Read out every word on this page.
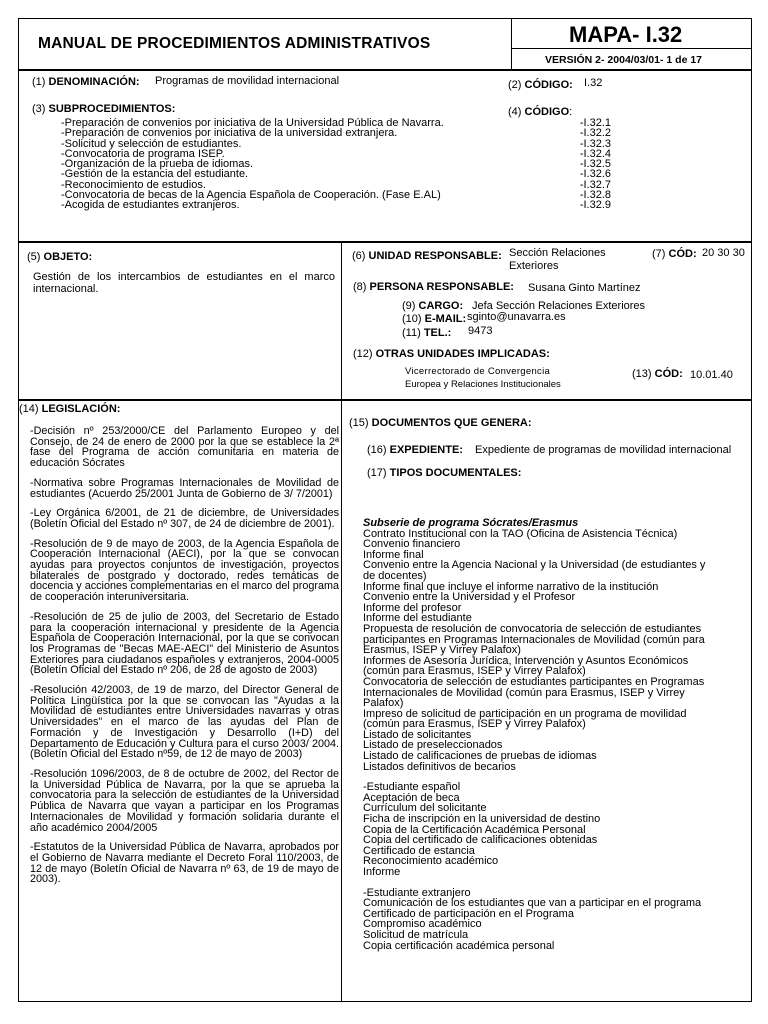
MANUAL DE PROCEDIMIENTOS ADMINISTRATIVOS	MAPA- I.32
VERSIÓN 2- 2004/03/01- 1 de 17
(1) DENOMINACIÓN: Programas de movilidad internacional	(2) CÓDIGO: I.32
(3) SUBPROCEDIMIENTOS:
-Preparación de convenios por iniciativa de la Universidad Pública de Navarra.
-Preparación de convenios por iniciativa de la universidad extranjera.
-Solicitud y selección de estudiantes.
-Convocatoria de programa ISEP.
-Organización de la prueba de idiomas.
-Gestión de la estancia del estudiante.
-Reconocimiento de estudios.
-Convocatoria de becas de la Agencia Española de Cooperación. (Fase E.AL)
-Acogida de estudiantes extranjeros.
(4) CÓDIGO:
-I.32.1
-I.32.2
-I.32.3
-I.32.4
-I.32.5
-I.32.6
-I.32.7
-I.32.8
-I.32.9
(5) OBJETO:
Gestión de los intercambios de estudiantes en el marco internacional.
(6) UNIDAD RESPONSABLE: Sección Relaciones
Exteriores
(7) CÓD: 20 30 30
(8) PERSONA RESPONSABLE: Susana Ginto Martínez
(9) CARGO: Jefa Sección Relaciones Exteriores
(10) E-MAIL: sginto@unavarra.es
(11) TEL.: 9473
(12) OTRAS UNIDADES IMPLICADAS:
Vicerrectorado de Convergencia
Europea y Relaciones Institucionales
(13) CÓD: 10.01.40
(14) LEGISLACIÓN:

-Decisión nº 253/2000/CE del Parlamento Europeo y del Consejo, de 24 de enero de 2000 por la que se establece la 2ª fase del Programa de acción comunitaria en materia de educación Sócrates

-Normativa sobre Programas Internacionales de Movilidad de estudiantes (Acuerdo 25/2001 Junta de Gobierno de 3/ 7/2001)

-Ley Orgánica 6/2001, de 21 de diciembre, de Universidades (Boletín Oficial del Estado nº 307, de 24 de diciembre de 2001).

-Resolución de 9 de mayo de 2003, de la Agencia Española de Cooperación Internacional (AECI), por la que se convocan ayudas para proyectos conjuntos de investigación, proyectos bilaterales de postgrado y doctorado, redes temáticas de docencia y acciones complementarias en el marco del programa de cooperación interuniversitaria.

-Resolución de 25 de julio de 2003, del Secretario de Estado para la cooperación internacional y presidente de la Agencia Española de Cooperación Internacional, por la que se convocan los Programas de "Becas MAE-AECI" del Ministerio de Asuntos Exteriores para ciudadanos españoles y extranjeros, 2004-0005 (Boletín Oficial del Estado nº 206, de 28 de agosto de 2003)

-Resolución 42/2003, de 19 de marzo, del Director General de Política Lingüística por la que se convocan las "Ayudas a la Movilidad de estudiantes entre Universidades navarras y otras Universidades" en el marco de las ayudas del Plan de Formación y de Investigación y Desarrollo (I+D) del Departamento de Educación y Cultura para el curso 2003/ 2004. (Boletín Oficial del Estado nº59, de 12 de mayo de 2003)

-Resolución 1096/2003, de 8 de octubre de 2002, del Rector de la Universidad Pública de Navarra, por la que se aprueba la convocatoria para la selección de estudiantes de la Universidad Pública de Navarra que vayan a participar en los Programas Internacionales de Movilidad y formación solidaria durante el año académico 2004/2005

-Estatutos de la Universidad Pública de Navarra, aprobados por el Gobierno de Navarra mediante el Decreto Foral 110/2003, de 12 de mayo (Boletín Oficial de Navarra nº 63, de 19 de mayo de 2003).

(15) DOCUMENTOS QUE GENERA:
(16) EXPEDIENTE: Expediente de programas de movilidad internacional
(17) TIPOS DOCUMENTALES:
Subserie de programa Sócrates/Erasmus
Contrato Institucional con la TAO (Oficina de Asistencia Técnica)
Convenio financiero
Informe final
Convenio entre la Agencia Nacional y la Universidad (de estudiantes y
de docentes)
Informe final que incluye el informe narrativo de la institución
Convenio entre la Universidad y el Profesor
Informe del profesor
Informe del estudiante
Propuesta de resolución de convocatoria de selección de estudiantes
participantes en Programas Internacionales de Movilidad (común para
Erasmus, ISEP y Virrey Palafox)
Informes de Asesoría Jurídica, Intervención y Asuntos Económicos
(común para Erasmus, ISEP y Virrey Palafox)
Convocatoria de selección de estudiantes participantes en Programas
Internacionales de Movilidad (común para Erasmus, ISEP y Virrey
Palafox)
Impreso de solicitud de participación en un programa de movilidad
(común para Erasmus, ISEP y Virrey Palafox)
Listado de solicitantes
Listado de preseleccionados
Listado de calificaciones de pruebas de idiomas
Listados definitivos de becarios
-Estudiante español
Aceptación de beca
Currículum del solicitante
Ficha de inscripción en la universidad de destino
Copia de la Certificación Académica Personal
Copia del certificado de calificaciones obtenidas
Certificado de estancia
Reconocimiento académico
Informe
-Estudiante extranjero
Comunicación de los estudiantes que van a participar en el programa
Certificado de participación en el Programa
Compromiso académico
Solicitud de matrícula
Copia certificación académica personal
